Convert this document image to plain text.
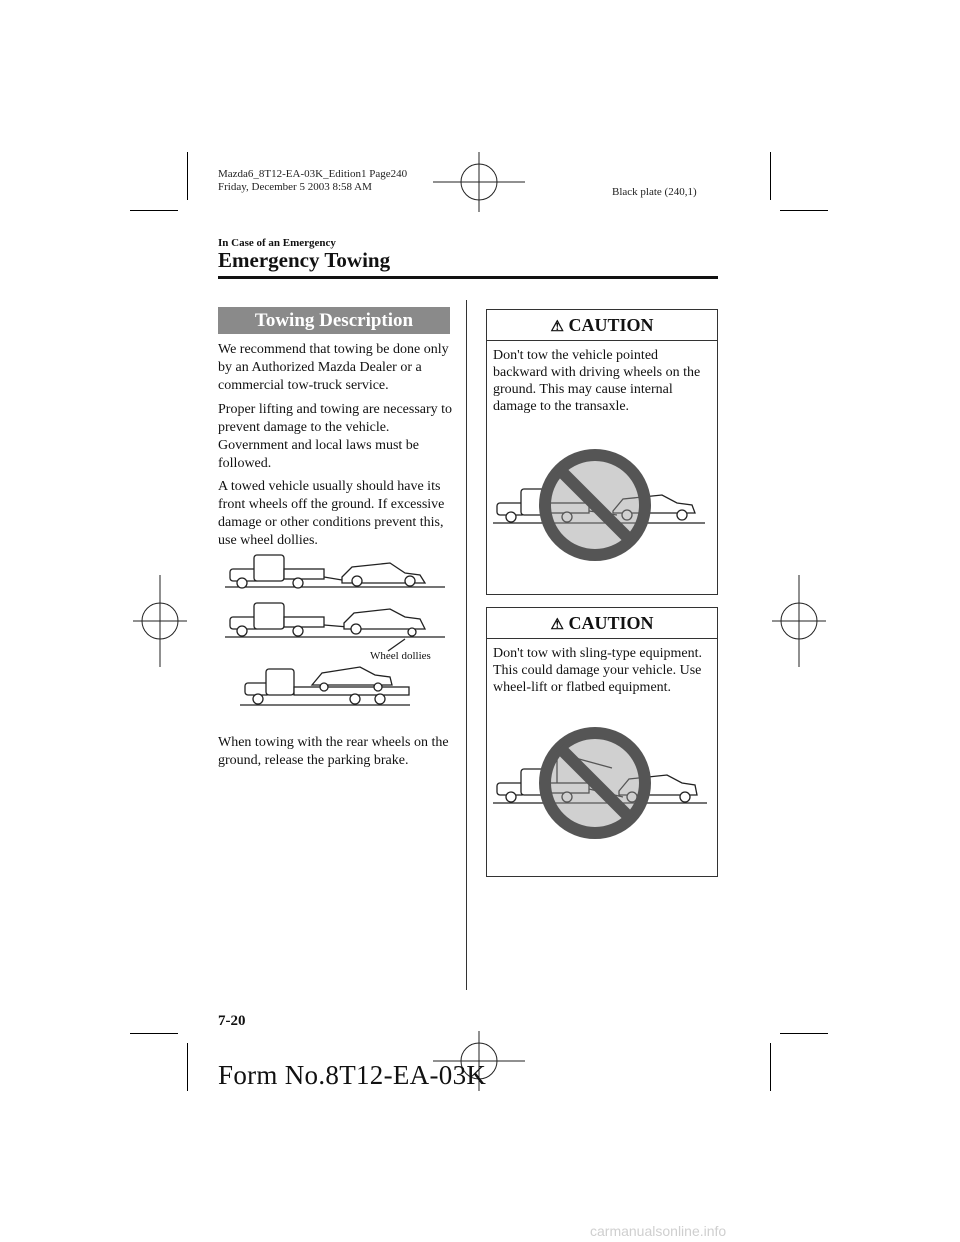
Mazda6_8T12-EA-03K_Edition1 Page240
Friday, December 5 2003 8:58 AM	Black plate (240,1)
In Case of an Emergency
Emergency Towing
Towing Description
We recommend that towing be done only by an Authorized Mazda Dealer or a commercial tow-truck service.
Proper lifting and towing are necessary to prevent damage to the vehicle. Government and local laws must be followed.
A towed vehicle usually should have its front wheels off the ground. If excessive damage or other conditions prevent this, use wheel dollies.
Wheel dollies
When towing with the rear wheels on the ground, release the parking brake.
⚠ CAUTION
Don't tow the vehicle pointed backward with driving wheels on the ground. This may cause internal damage to the transaxle.
⚠ CAUTION
Don't tow with sling-type equipment. This could damage your vehicle. Use wheel-lift or flatbed equipment.
7-20
Form No.8T12-EA-03K
carmanualsonline.info
